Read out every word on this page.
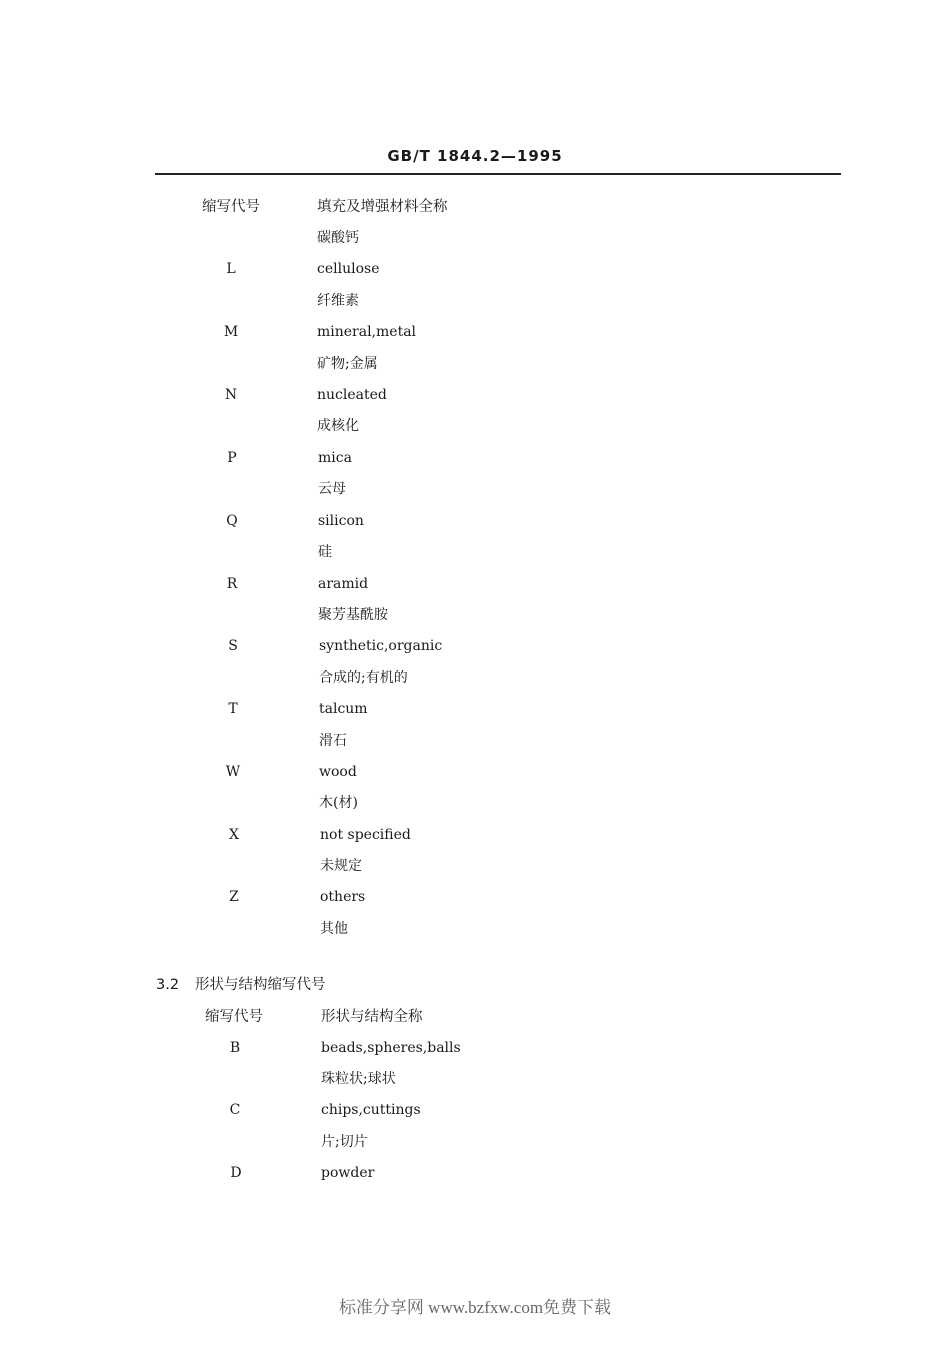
GB/T 1844.2—1995
缩写代号	填充及增强材料全称
碳酸钙
L	cellulose
纤维素
M	mineral,metal
矿物;金属
N	nucleated
成核化
P	mica
云母
Q	silicon
硅
R	aramid
聚芳基酰胺
S	synthetic,organic
合成的;有机的
T	talcum
滑石
W	wood
木(材)
X	not specified
未规定
Z	others
其他
3.2 形状与结构缩写代号
缩写代号	形状与结构全称
B	beads,spheres,balls
珠粒状;球状
C	chips,cuttings
片;切片
D	powder
标准分享网 www.bzfxw.com免费下载
